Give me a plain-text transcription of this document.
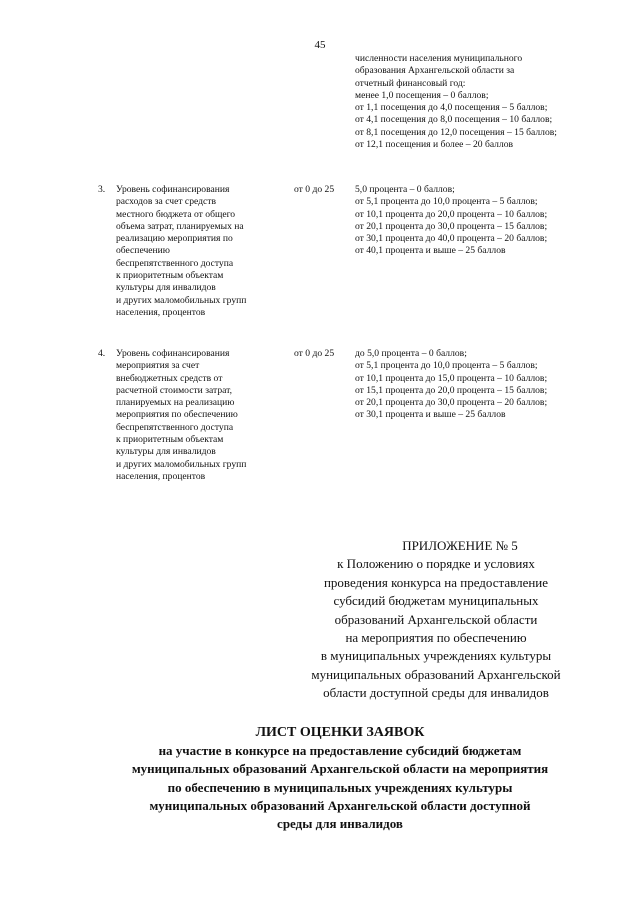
45
численности населения муниципального
образования Архангельской области за
отчетный финансовый год:
менее 1,0 посещения – 0 баллов;
от 1,1 посещения до 4,0 посещения – 5 баллов;
от 4,1 посещения до 8,0 посещения – 10 баллов;
от 8,1 посещения до 12,0 посещения – 15 баллов;
от 12,1 посещения и более – 20 баллов
3. Уровень софинансирования
расходов за счет средств
местного бюджета от общего
объема затрат, планируемых на
реализацию мероприятия по
обеспечению
беспрепятственного доступа
к приоритетным объектам
культуры для инвалидов
и других маломобильных групп
населения, процентов
от 0 до 25 5,0 процента – 0 баллов;
от 5,1 процента до 10,0 процента – 5 баллов;
от 10,1 процента до 20,0 процента – 10 баллов;
от 20,1 процента до 30,0 процента – 15 баллов;
от 30,1 процента до 40,0 процента – 20 баллов;
от 40,1 процента и выше – 25 баллов
4. Уровень софинансирования
мероприятия за счет
внебюджетных средств от
расчетной стоимости затрат,
планируемых на реализацию
мероприятия по обеспечению
беспрепятственного доступа
к приоритетным объектам
культуры для инвалидов
и других маломобильных групп
населения, процентов
от 0 до 25 до 5,0 процента – 0 баллов;
от 5,1 процента до 10,0 процента – 5 баллов;
от 10,1 процента до 15,0 процента – 10 баллов;
от 15,1 процента до 20,0 процента – 15 баллов;
от 20,1 процента до 30,0 процента – 20 баллов;
от 30,1 процента и выше – 25 баллов
ПРИЛОЖЕНИЕ № 5
к Положению о порядке и условиях
проведения конкурса на предоставление
субсидий бюджетам муниципальных
образований Архангельской области
на мероприятия по обеспечению
в муниципальных учреждениях культуры
муниципальных образований Архангельской
области доступной среды для инвалидов
ЛИСТ ОЦЕНКИ ЗАЯВОК
на участие в конкурсе на предоставление субсидий бюджетам
муниципальных образований Архангельской области на мероприятия
по обеспечению в муниципальных учреждениях культуры
муниципальных образований Архангельской области доступной
среды для инвалидов
